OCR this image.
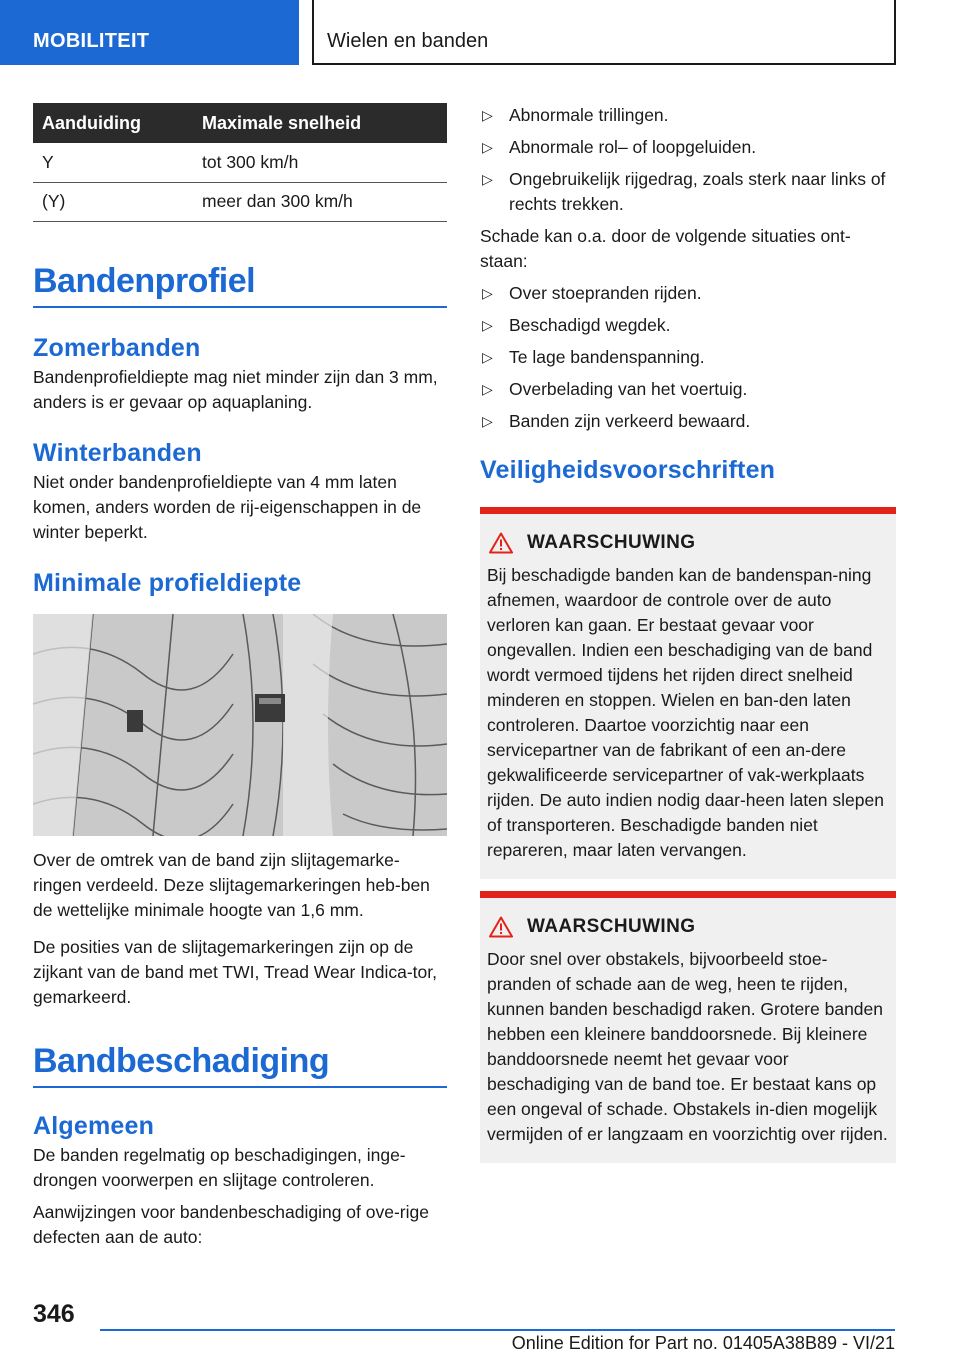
MOBILITEIT	Wielen en banden
Aanduiding	Maximale snelheid
Y	tot 300 km/h
(Y)	meer dan 300 km/h
Bandenprofiel
Zomerbanden

Bandenprofieldiepte mag niet minder zijn dan 3 mm, anders is er gevaar op aquaplaning.

Winterbanden

Niet onder bandenprofieldiepte van 4 mm laten komen, anders worden de rij-eigenschappen in de winter beperkt.

Minimale profieldiepte

Over de omtrek van de band zijn slijtagemarke-ringen verdeeld. Deze slijtagemarkeringen heb-ben de wettelijke minimale hoogte van 1,6 mm.

De posities van de slijtagemarkeringen zijn op de zijkant van de band met TWI, Tread Wear Indica-tor, gemarkeerd.

Bandbeschadiging
Algemeen

De banden regelmatig op beschadigingen, inge-drongen voorwerpen en slijtage controleren.

Aanwijzingen voor bandenbeschadiging of ove-rige defecten aan de auto:

▷ Abnormale trillingen.
▷ Abnormale rol– of loopgeluiden.
▷ Ongebruikelijk rijgedrag, zoals sterk naar links of rechts trekken.

Schade kan o.a. door de volgende situaties ont-staan:

▷ Over stoepranden rijden.
▷ Beschadigd wegdek.
▷ Te lage bandenspanning.
▷ Overbelading van het voertuig.
▷ Banden zijn verkeerd bewaard.
Veiligheidsvoorschriften
WAARSCHUWING

Bij beschadigde banden kan de bandenspan-ning afnemen, waardoor de controle over de auto verloren kan gaan. Er bestaat gevaar voor ongevallen. Indien een beschadiging van de band wordt vermoed tijdens het rijden direct snelheid minderen en stoppen. Wielen en ban-den laten controleren. Daartoe voorzichtig naar een servicepartner van de fabrikant of een an-dere gekwalificeerde servicepartner of vak-werkplaats rijden. De auto indien nodig daar-heen laten slepen of transporteren. Beschadigde banden niet repareren, maar laten vervangen.

WAARSCHUWING

Door snel over obstakels, bijvoorbeeld stoe-pranden of schade aan de weg, heen te rijden, kunnen banden beschadigd raken. Grotere banden hebben een kleinere banddoorsnede. Bij kleinere banddoorsnede neemt het gevaar voor beschadiging van de band toe. Er bestaat kans op een ongeval of schade. Obstakels in-dien mogelijk vermijden of er langzaam en voorzichtig over rijden.

346
Online Edition for Part no. 01405A38B89 - VI/21
